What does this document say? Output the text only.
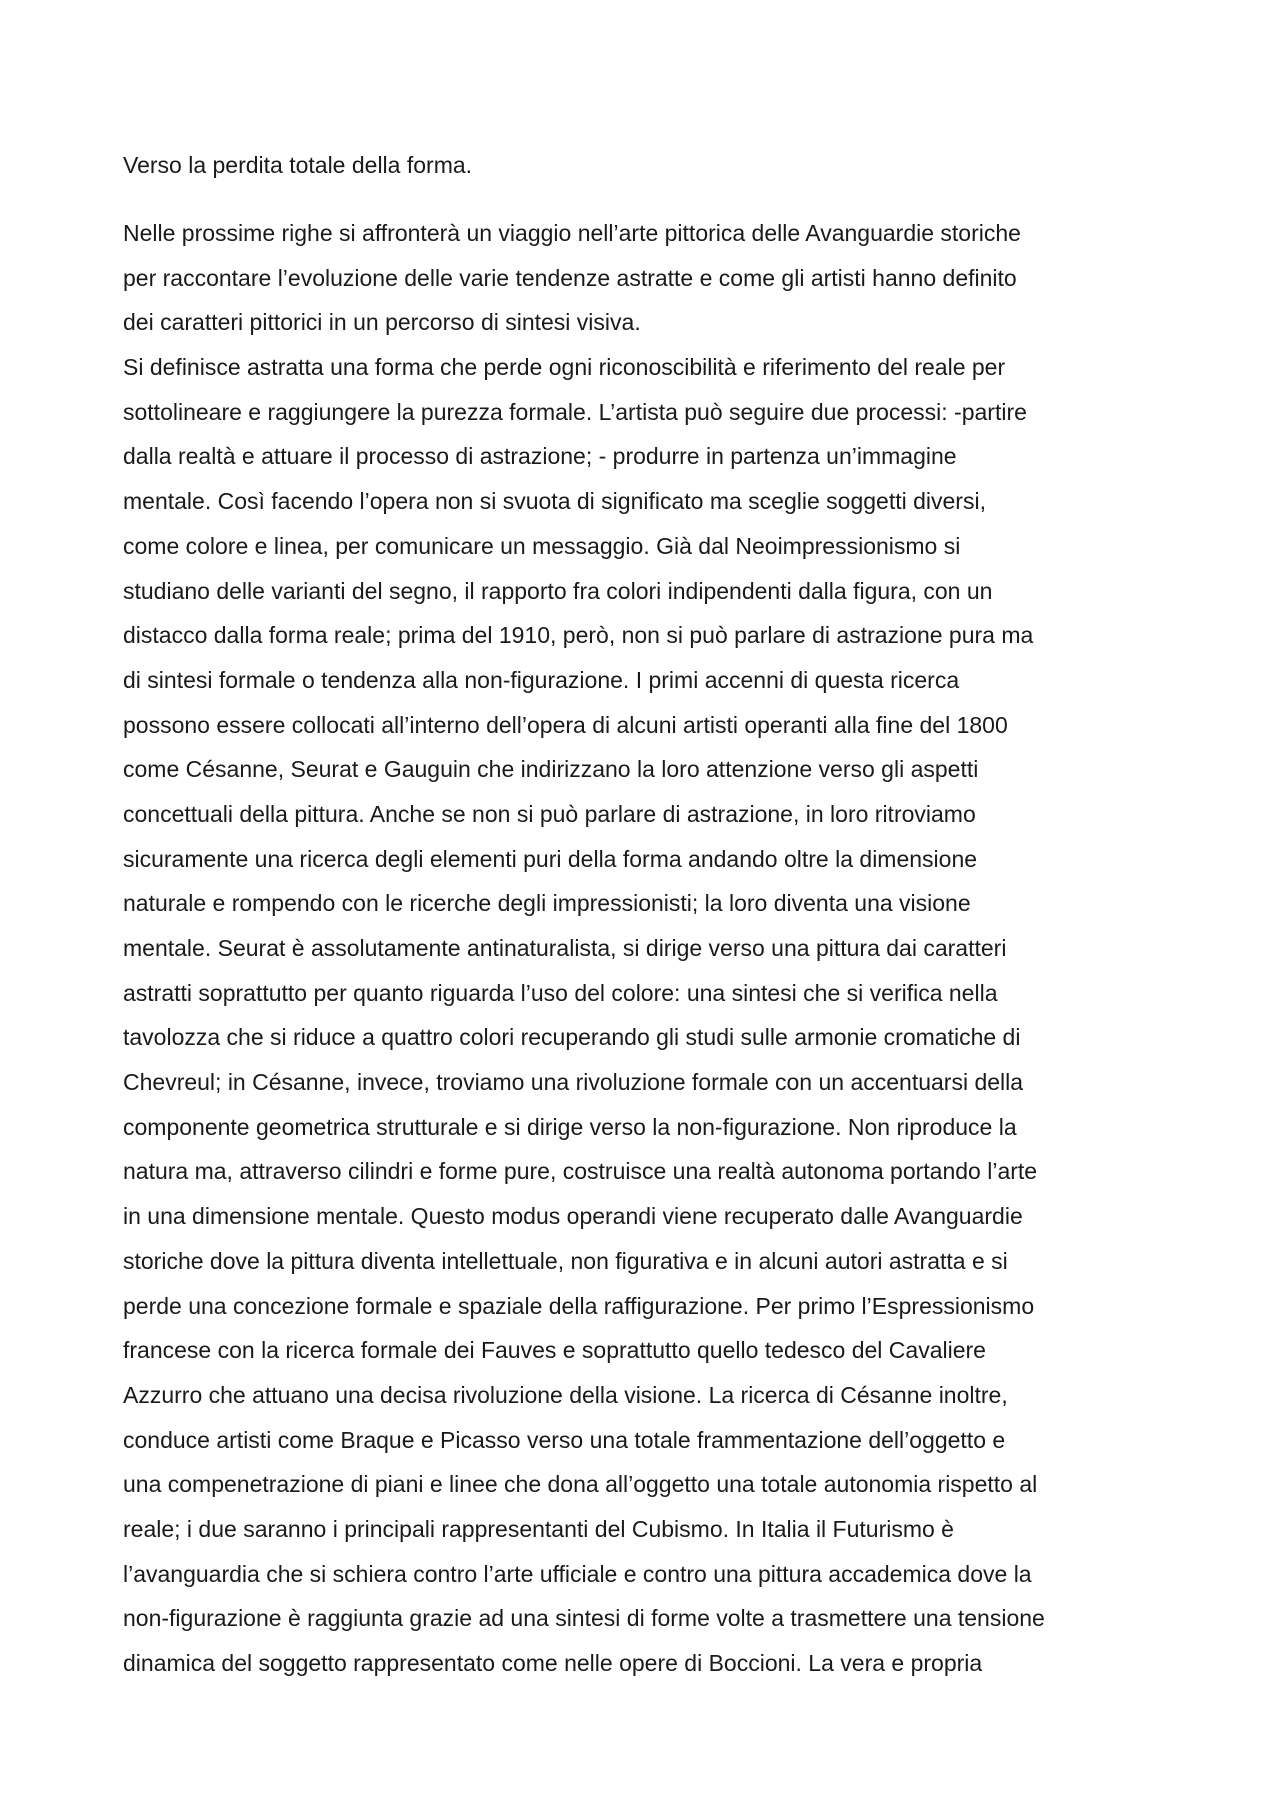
Verso la perdita totale della forma.
Nelle prossime righe si affronterà un viaggio nell’arte pittorica delle Avanguardie storiche
per raccontare l’evoluzione delle varie tendenze astratte e come gli artisti hanno definito
dei caratteri pittorici in un percorso di sintesi visiva.
Si definisce astratta una forma che perde ogni riconoscibilità e riferimento del reale per
sottolineare e raggiungere la purezza formale. L’artista può seguire due processi: -partire
dalla realtà e attuare il processo di astrazione; - produrre in partenza un’immagine
mentale. Così facendo l’opera non si svuota di significato ma sceglie soggetti diversi,
come colore e linea, per comunicare un messaggio. Già dal Neoimpressionismo si
studiano delle varianti del segno, il rapporto fra colori indipendenti dalla figura, con un
distacco dalla forma reale; prima del 1910, però, non si può parlare di astrazione pura ma
di sintesi formale o tendenza alla non-figurazione. I primi accenni di questa ricerca
possono essere collocati all’interno dell’opera di alcuni artisti operanti alla fine del 1800
come Césanne, Seurat e Gauguin che indirizzano la loro attenzione verso gli aspetti
concettuali della pittura. Anche se non si può parlare di astrazione, in loro ritroviamo
sicuramente una ricerca degli elementi puri della forma andando oltre la dimensione
naturale e rompendo con le ricerche degli impressionisti; la loro diventa una visione
mentale. Seurat è assolutamente antinaturalista, si dirige verso una pittura dai caratteri
astratti soprattutto per quanto riguarda l’uso del colore: una sintesi che si verifica nella
tavolozza che si riduce a quattro colori recuperando gli studi sulle armonie cromatiche di
Chevreul; in Césanne, invece, troviamo una rivoluzione formale con un accentuarsi della
componente geometrica strutturale e si dirige verso la non-figurazione. Non riproduce la
natura ma, attraverso cilindri e forme pure, costruisce una realtà autonoma portando l’arte
in una dimensione mentale. Questo modus operandi viene recuperato dalle Avanguardie
storiche dove la pittura diventa intellettuale, non figurativa e in alcuni autori astratta e si
perde una concezione formale e spaziale della raffigurazione. Per primo l’Espressionismo
francese con la ricerca formale dei Fauves e soprattutto quello tedesco del Cavaliere
Azzurro che attuano una decisa rivoluzione della visione. La ricerca di Césanne inoltre,
conduce artisti come Braque e Picasso verso una totale frammentazione dell’oggetto e
una compenetrazione di piani e linee che dona all’oggetto una totale autonomia rispetto al
reale; i due saranno i principali rappresentanti del Cubismo. In Italia il Futurismo è
l’avanguardia che si schiera contro l’arte ufficiale e contro una pittura accademica dove la
non-figurazione è raggiunta grazie ad una sintesi di forme volte a trasmettere una tensione
dinamica del soggetto rappresentato come nelle opere di Boccioni. La vera e propria
